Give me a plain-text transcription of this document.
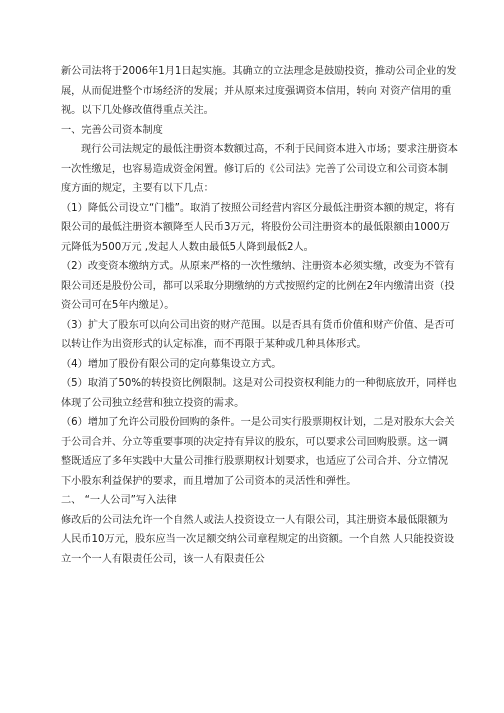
新公司法将于2006年1月1日起实施。其确立的立法理念是鼓励投资，推动公司企业的发展，从而促进整个市场经济的发展；并从原来过度强调资本信用，转向 对资产信用的重视。以下几处修改值得重点关注。

一、完善公司资本制度

现行公司法规定的最低注册资本数额过高，不利于民间资本进入市场；要求注册资本一次性缴足，也容易造成资金闲置。修订后的《公司法》完善了公司设立和公司资本制度方面的规定，主要有以下几点：

（1）降低公司设立“门槛”。取消了按照公司经营内容区分最低注册资本额的规定，将有限公司的最低注册资本额降至人民币3万元，将股份公司注册资本的最低限额由1000万元降低为500万元 ,发起人人数由最低5人降到最低2人。

（2）改变资本缴纳方式。从原来严格的一次性缴纳、注册资本必须实缴，改变为不管有限公司还是股份公司，都可以采取分期缴纳的方式按照约定的比例在2年内缴清出资（投资公司可在5年内缴足）。

（3）扩大了股东可以向公司出资的财产范围。以是否具有货币价值和财产价值、是否可以转让作为出资形式的认定标准，而不再限于某种或几种具体形式。

（4）增加了股份有限公司的定向募集设立方式。

（5）取消了50%的转投资比例限制。这是对公司投资权利能力的一种彻底放开，同样也体现了公司独立经营和独立投资的需求。

（6）增加了允许公司股份回购的条件。一是公司实行股票期权计划，二是对股东大会关于公司合并、分立等重要事项的决定持有异议的股东，可以要求公司回购股票。这一调整既适应了多年实践中大量公司推行股票期权计划要求，也适应了公司合并、分立情况下小股东利益保护的要求，而且增加了公司资本的灵活性和弹性。

二、 “一人公司”写入法律

修改后的公司法允许一个自然人或法人投资设立一人有限公司，其注册资本最低限额为人民币10万元，股东应当一次足额交纳公司章程规定的出资额。一个自然 人只能投资设立一个一人有限责任公司，该一人有限责任公
